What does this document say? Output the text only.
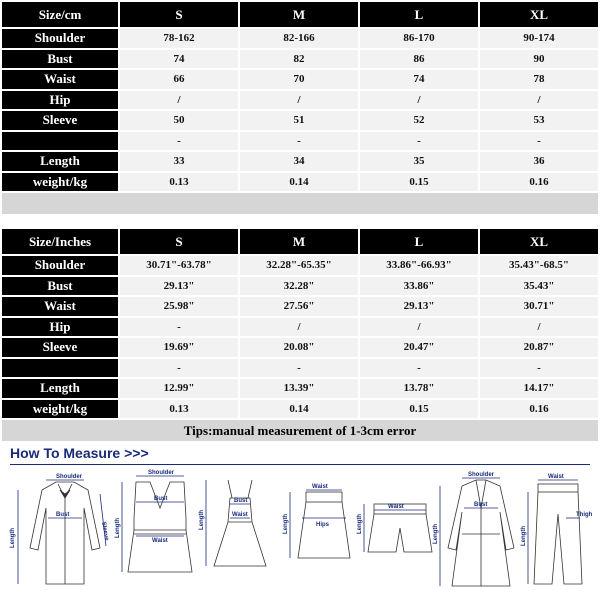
Size/cm	S	M	L	XL
Shoulder	78-162	82-166	86-170	90-174
Bust	74	82	86	90
Waist	66	70	74	78
Hip	/	/	/	/
Sleeve	50	51	52	53
	-	-	-	-
Length	33	34	35	36
weight/kg	0.13	0.14	0.15	0.16
Size/Inches	S	M	L	XL
Shoulder	30.71"-63.78"	32.28"-65.35"	33.86"-66.93"	35.43"-68.5"
Bust	29.13"	32.28"	33.86"	35.43"
Waist	25.98"	27.56"	29.13"	30.71"
Hip	-	/	/	/
Sleeve	19.69"	20.08"	20.47"	20.87"
	-	-	-	-
Length	12.99"	13.39"	13.78"	14.17"
weight/kg	0.13	0.14	0.15	0.16
Tips:manual measurement of 1-3cm error
How To Measure >>>
Shoulder
Bust
Sleeve
Length
Shoulder
Bust
Waist
Length
Bust
Waist
Length
Waist
Hips
Length
Waist
Length
Shoulder
Bust
Length
Waist
Thigh
Length
